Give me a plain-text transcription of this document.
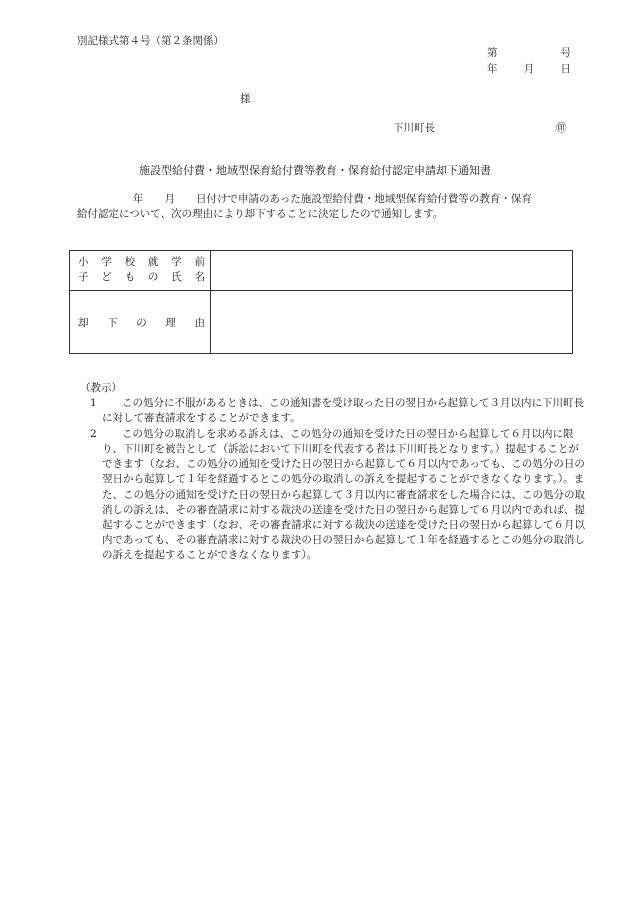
別記様式第４号（第２条関係）
第	号
年	月	日
様
下川町長	㊞
施設型給付費・地域型保育給付費等教育・保育給付認定申請却下通知書
年　　月　　日付けで申請のあった施設型給付費・地域型保育給付費等の教育・保育
給付認定について、次の理由により却下することに決定したので通知します。
小 学 校 就 学 前
子 ど も の 氏 名
却 下 の 理 由
（教示）
1	この処分に不服があるときは、この通知書を受け取った日の翌日から起算して３月以内に下川町長に対して審査請求をすることができます。

2	この処分の取消しを求める訴えは、この処分の通知を受けた日の翌日から起算して６月以内に限り、下川町を被告として（訴訟において下川町を代表する者は下川町長となります。）提起することができます（なお、この処分の通知を受けた日の翌日から起算して６月以内であっても、この処分の日の翌日から起算して１年を経過するとこの処分の取消しの訴えを提起することができなくなります。）。また、この処分の通知を受けた日の翌日から起算して３月以内に審査請求をした場合には、この処分の取消しの訴えは、その審査請求に対する裁決の送達を受けた日の翌日から起算して６月以内であれば、提起することができます（なお、その審査請求に対する裁決の送達を受けた日の翌日から起算して６月以内であっても、その審査請求に対する裁決の日の翌日から起算して１年を経過するとこの処分の取消しの訴えを提起することができなくなります）。
